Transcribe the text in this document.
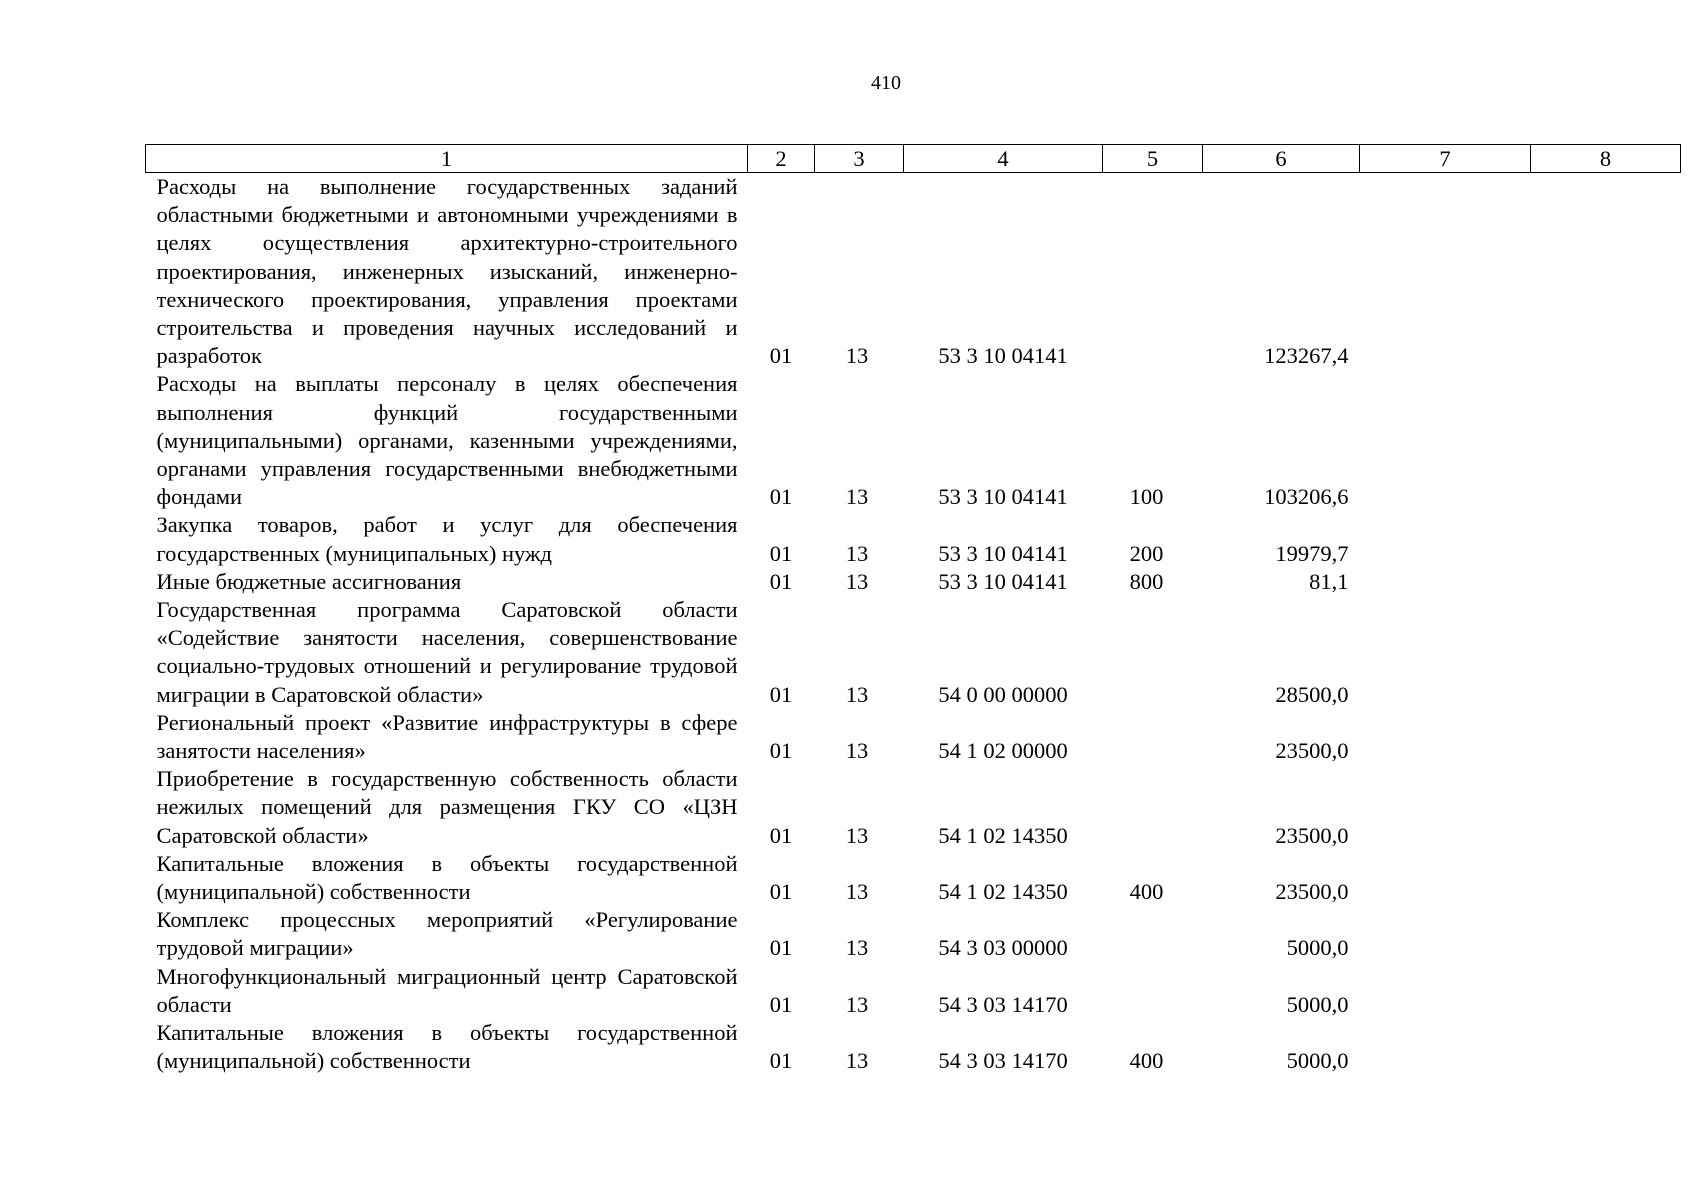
410
1	2	3	4	5	6	7	8
Расходы на выполнение государственных заданий областными бюджетными и автономными учреждениями в целях осуществления архитектурно-строительного проектирования, инженерных изысканий, инженерно-технического проектирования, управления проектами строительства и проведения научных исследований и разработок	01	13	53 3 10 04141		123267,4		
Расходы на выплаты персоналу в целях обеспечения выполнения функций государственными (муниципальными) органами, казенными учреждениями, органами управления государственными внебюджетными фондами	01	13	53 3 10 04141	100	103206,6		
Закупка товаров, работ и услуг для обеспечения государственных (муниципальных) нужд	01	13	53 3 10 04141	200	19979,7		
Иные бюджетные ассигнования	01	13	53 3 10 04141	800	81,1		
Государственная программа Саратовской области «Содействие занятости населения, совершенствование социально-трудовых отношений и регулирование трудовой миграции в Саратовской области»	01	13	54 0 00 00000		28500,0		
Региональный проект «Развитие инфраструктуры в сфере занятости населения»	01	13	54 1 02 00000		23500,0		
Приобретение в государственную собственность области нежилых помещений для размещения ГКУ СО «ЦЗН Саратовской области»	01	13	54 1 02 14350		23500,0		
Капитальные вложения в объекты государственной (муниципальной) собственности	01	13	54 1 02 14350	400	23500,0		
Комплекс процессных мероприятий «Регулирование трудовой миграции»	01	13	54 3 03 00000		5000,0		
Многофункциональный миграционный центр Саратовской области	01	13	54 3 03 14170		5000,0		
Капитальные вложения в объекты государственной (муниципальной) собственности	01	13	54 3 03 14170	400	5000,0		
